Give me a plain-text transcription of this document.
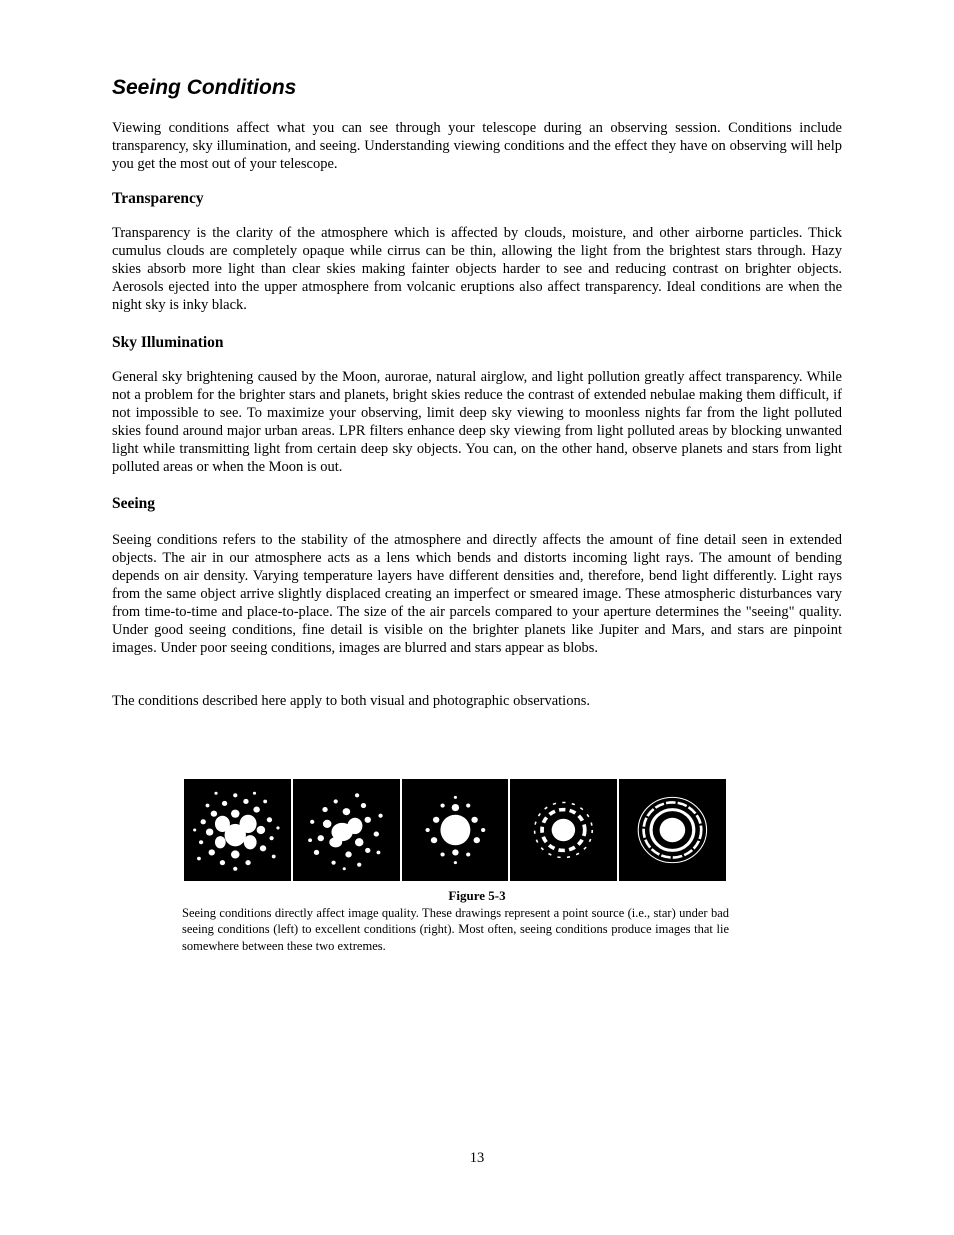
Seeing Conditions

Viewing conditions affect what you can see through your telescope during an observing session. Conditions include transparency, sky illumination, and seeing. Understanding viewing conditions and the effect they have on observing will help you get the most out of your telescope.

Transparency

Transparency is the clarity of the atmosphere which is affected by clouds, moisture, and other airborne particles. Thick cumulus clouds are completely opaque while cirrus can be thin, allowing the light from the brightest stars through. Hazy skies absorb more light than clear skies making fainter objects harder to see and reducing contrast on brighter objects. Aerosols ejected into the upper atmosphere from volcanic eruptions also affect transparency. Ideal conditions are when the night sky is inky black.

Sky Illumination

General sky brightening caused by the Moon, aurorae, natural airglow, and light pollution greatly affect transparency. While not a problem for the brighter stars and planets, bright skies reduce the contrast of extended nebulae making them difficult, if not impossible to see. To maximize your observing, limit deep sky viewing to moonless nights far from the light polluted skies found around major urban areas. LPR filters enhance deep sky viewing from light polluted areas by blocking unwanted light while transmitting light from certain deep sky objects. You can, on the other hand, observe planets and stars from light polluted areas or when the Moon is out.

Seeing

Seeing conditions refers to the stability of the atmosphere and directly affects the amount of fine detail seen in extended objects. The air in our atmosphere acts as a lens which bends and distorts incoming light rays. The amount of bending depends on air density. Varying temperature layers have different densities and, therefore, bend light differently. Light rays from the same object arrive slightly displaced creating an imperfect or smeared image. These atmospheric disturbances vary from time-to-time and place-to-place. The size of the air parcels compared to your aperture determines the "seeing" quality. Under good seeing conditions, fine detail is visible on the brighter planets like Jupiter and Mars, and stars are pinpoint images. Under poor seeing conditions, images are blurred and stars appear as blobs.

The conditions described here apply to both visual and photographic observations.

Figure 5-3

Seeing conditions directly affect image quality. These drawings represent a point source (i.e., star) under bad seeing conditions (left) to excellent conditions (right). Most often, seeing conditions produce images that lie somewhere between these two extremes.

13
